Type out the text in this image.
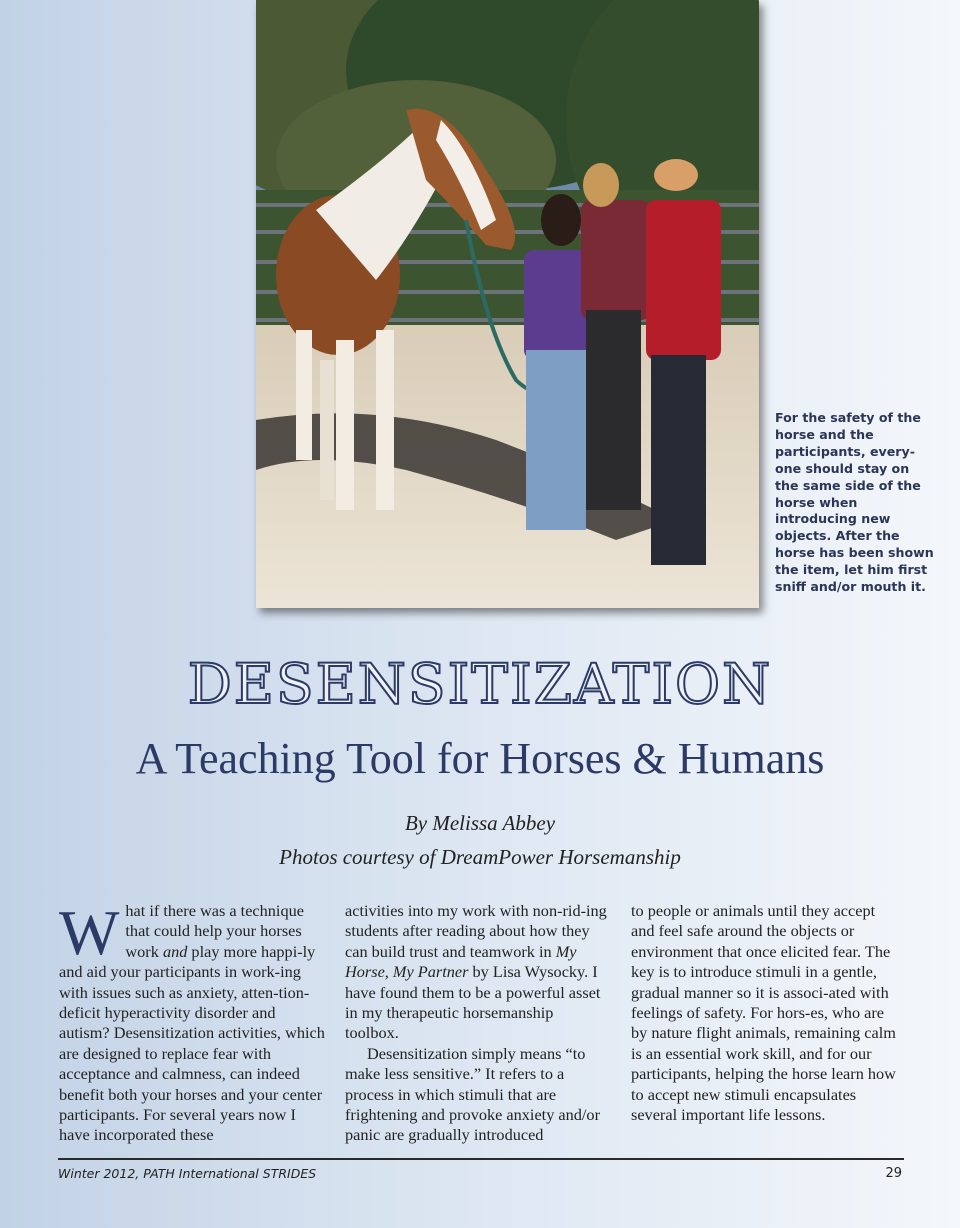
For the safety of the horse and the participants, every-one should stay on the same side of the horse when introducing new objects. After the horse has been shown the item, let him first sniff and/or mouth it.
DESENSITIZATION
A Teaching Tool for Horses & Humans
By Melissa Abbey
Photos courtesy of DreamPower Horsemanship
What if there was a technique that could help your horses work and play more happi-ly and aid your participants in work-ing with issues such as anxiety, atten-tion-deficit hyperactivity disorder and autism? Desensitization activities, which are designed to replace fear with acceptance and calmness, can indeed benefit both your horses and your center participants. For several years now I have incorporated these
activities into my work with non-rid-ing students after reading about how they can build trust and teamwork in My Horse, My Partner by Lisa Wysocky. I have found them to be a powerful asset in my therapeutic horsemanship toolbox.
Desensitization simply means “to make less sensitive.” It refers to a process in which stimuli that are frightening and provoke anxiety and/or panic are gradually introduced
to people or animals until they accept and feel safe around the objects or environment that once elicited fear. The key is to introduce stimuli in a gentle, gradual manner so it is associ-ated with feelings of safety. For hors-es, who are by nature flight animals, remaining calm is an essential work skill, and for our participants, helping the horse learn how to accept new stimuli encapsulates several important life lessons.
Winter 2012, PATH International STRIDES	29
